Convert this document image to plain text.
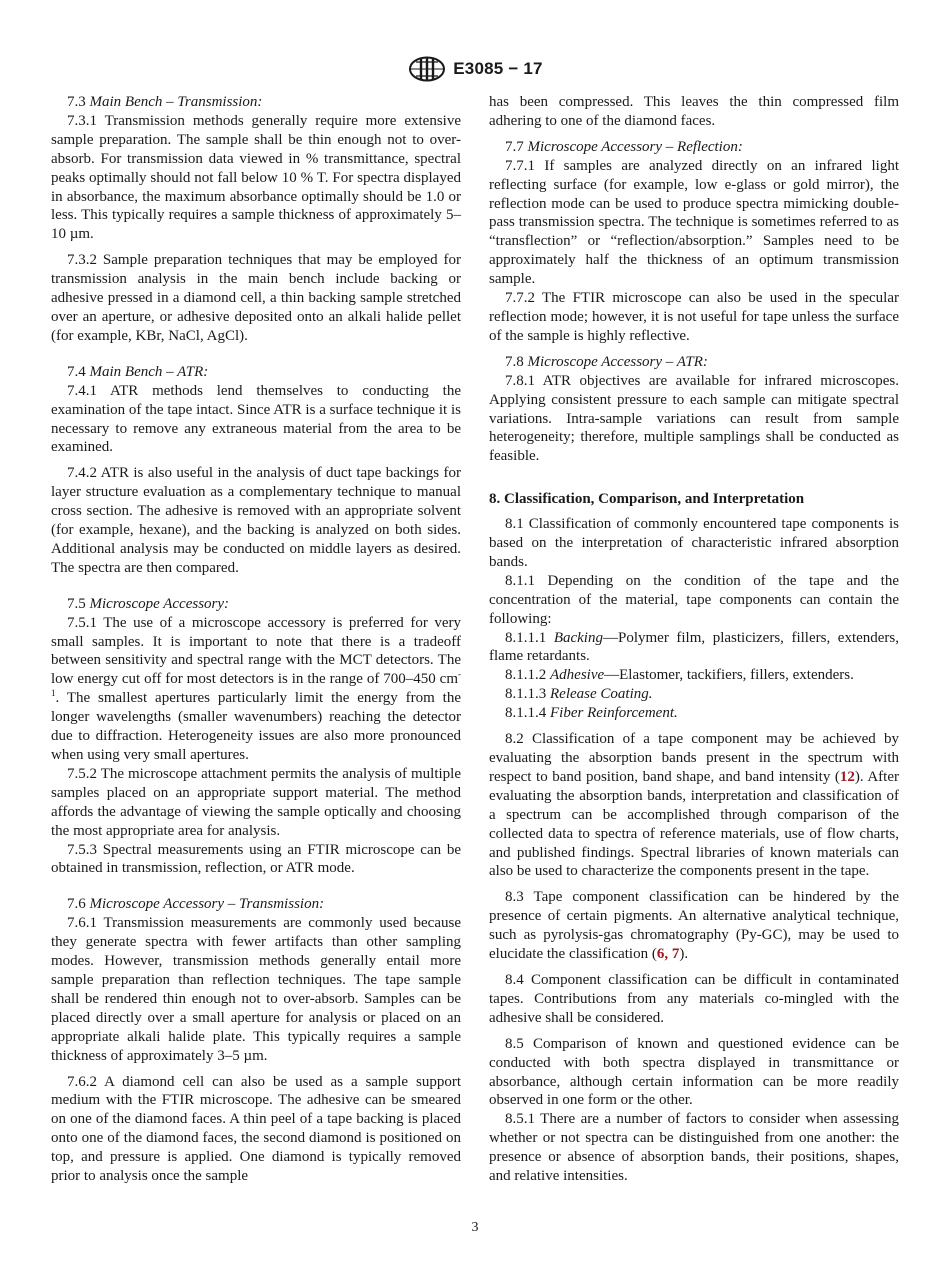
E3085 − 17

7.3 Main Bench – Transmission:

7.3.1 Transmission methods generally require more extensive sample preparation. The sample shall be thin enough not to over-absorb. For transmission data viewed in % transmittance, spectral peaks optimally should not fall below 10 % T. For spectra displayed in absorbance, the maximum absorbance optimally should be 1.0 or less. This typically requires a sample thickness of approximately 5–10 µm.

7.3.2 Sample preparation techniques that may be employed for transmission analysis in the main bench include backing or adhesive pressed in a diamond cell, a thin backing sample stretched over an aperture, or adhesive deposited onto an alkali halide pellet (for example, KBr, NaCl, AgCl).

7.4 Main Bench – ATR:

7.4.1 ATR methods lend themselves to conducting the examination of the tape intact. Since ATR is a surface technique it is necessary to remove any extraneous material from the area to be examined.

7.4.2 ATR is also useful in the analysis of duct tape backings for layer structure evaluation as a complementary technique to manual cross section. The adhesive is removed with an appropriate solvent (for example, hexane), and the backing is analyzed on both sides. Additional analysis may be conducted on middle layers as desired. The spectra are then compared.

7.5 Microscope Accessory:

7.5.1 The use of a microscope accessory is preferred for very small samples. It is important to note that there is a tradeoff between sensitivity and spectral range with the MCT detectors. The low energy cut off for most detectors is in the range of 700–450 $cm^{-1}$. The smallest apertures particularly limit the energy from the longer wavelengths (smaller wavenumbers) reaching the detector due to diffraction. Heterogeneity issues are also more pronounced when using very small apertures.

7.5.2 The microscope attachment permits the analysis of multiple samples placed on an appropriate support material. The method affords the advantage of viewing the sample optically and choosing the most appropriate area for analysis.

7.5.3 Spectral measurements using an FTIR microscope can be obtained in transmission, reflection, or ATR mode.

7.6 Microscope Accessory – Transmission:

7.6.1 Transmission measurements are commonly used because they generate spectra with fewer artifacts than other sampling modes. However, transmission methods generally entail more sample preparation than reflection techniques. The tape sample shall be rendered thin enough not to over-absorb. Samples can be placed directly over a small aperture for analysis or placed on an appropriate alkali halide plate. This typically requires a sample thickness of approximately 3–5 µm.

7.6.2 A diamond cell can also be used as a sample support medium with the FTIR microscope. The adhesive can be smeared on one of the diamond faces. A thin peel of a tape backing is placed onto one of the diamond faces, the second diamond is positioned on top, and pressure is applied. One diamond is typically removed prior to analysis once the sample

has been compressed. This leaves the thin compressed film adhering to one of the diamond faces.

7.7 Microscope Accessory – Reflection:

7.7.1 If samples are analyzed directly on an infrared light reflecting surface (for example, low e-glass or gold mirror), the reflection mode can be used to produce spectra mimicking double-pass transmission spectra. The technique is sometimes referred to as “transflection” or “reflection/absorption.” Samples need to be approximately half the thickness of an optimum transmission sample.

7.7.2 The FTIR microscope can also be used in the specular reflection mode; however, it is not useful for tape unless the surface of the sample is highly reflective.

7.8 Microscope Accessory – ATR:

7.8.1 ATR objectives are available for infrared microscopes. Applying consistent pressure to each sample can mitigate spectral variations. Intra-sample variations can result from sample heterogeneity; therefore, multiple samplings shall be conducted as feasible.

8. Classification, Comparison, and Interpretation

8.1 Classification of commonly encountered tape components is based on the interpretation of characteristic infrared absorption bands.

8.1.1 Depending on the condition of the tape and the concentration of the material, tape components can contain the following:

8.1.1.1 Backing—Polymer film, plasticizers, fillers, extenders, flame retardants.

8.1.1.2 Adhesive—Elastomer, tackifiers, fillers, extenders.

8.1.1.3 Release Coating.

8.1.1.4 Fiber Reinforcement.

8.2 Classification of a tape component may be achieved by evaluating the absorption bands present in the spectrum with respect to band position, band shape, and band intensity (12). After evaluating the absorption bands, interpretation and classification of a spectrum can be accomplished through comparison of the collected data to spectra of reference materials, use of flow charts, and published findings. Spectral libraries of known materials can also be used to characterize the components present in the tape.

8.3 Tape component classification can be hindered by the presence of certain pigments. An alternative analytical technique, such as pyrolysis-gas chromatography (Py-GC), may be used to elucidate the classification (6, 7).

8.4 Component classification can be difficult in contaminated tapes. Contributions from any materials co-mingled with the adhesive shall be considered.

8.5 Comparison of known and questioned evidence can be conducted with both spectra displayed in transmittance or absorbance, although certain information can be more readily observed in one form or the other.

8.5.1 There are a number of factors to consider when assessing whether or not spectra can be distinguished from one another: the presence or absence of absorption bands, their positions, shapes, and relative intensities.

3
